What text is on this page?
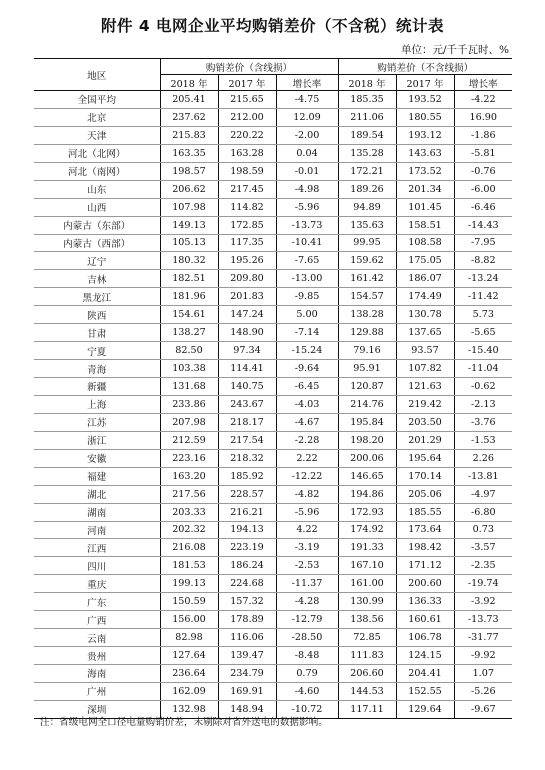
附件 4 电网企业平均购销差价（不含税）统计表
单位：元/千千瓦时、%
地区	购销差价（含线损）			购销差价（不含线损）		
	2018 年	2017 年	增长率	2018 年	2017 年	增长率
全国平均	205.41	215.65	-4.75	185.35	193.52	-4.22
北京	237.62	212.00	12.09	211.06	180.55	16.90
天津	215.83	220.22	-2.00	189.54	193.12	-1.86
河北（北网）	163.35	163.28	0.04	135.28	143.63	-5.81
河北（南网）	198.57	198.59	-0.01	172.21	173.52	-0.76
山东	206.62	217.45	-4.98	189.26	201.34	-6.00
山西	107.98	114.82	-5.96	94.89	101.45	-6.46
内蒙古（东部）	149.13	172.85	-13.73	135.63	158.51	-14.43
内蒙古（西部）	105.13	117.35	-10.41	99.95	108.58	-7.95
辽宁	180.32	195.26	-7.65	159.62	175.05	-8.82
吉林	182.51	209.80	-13.00	161.42	186.07	-13.24
黑龙江	181.96	201.83	-9.85	154.57	174.49	-11.42
陕西	154.61	147.24	5.00	138.28	130.78	5.73
甘肃	138.27	148.90	-7.14	129.88	137.65	-5.65
宁夏	82.50	97.34	-15.24	79.16	93.57	-15.40
青海	103.38	114.41	-9.64	95.91	107.82	-11.04
新疆	131.68	140.75	-6.45	120.87	121.63	-0.62
上海	233.86	243.67	-4.03	214.76	219.42	-2.13
江苏	207.98	218.17	-4.67	195.84	203.50	-3.76
浙江	212.59	217.54	-2.28	198.20	201.29	-1.53
安徽	223.16	218.32	2.22	200.06	195.64	2.26
福建	163.20	185.92	-12.22	146.65	170.14	-13.81
湖北	217.56	228.57	-4.82	194.86	205.06	-4.97
湖南	203.33	216.21	-5.96	172.93	185.55	-6.80
河南	202.32	194.13	4.22	174.92	173.64	0.73
江西	216.08	223.19	-3.19	191.33	198.42	-3.57
四川	181.53	186.24	-2.53	167.10	171.12	-2.35
重庆	199.13	224.68	-11.37	161.00	200.60	-19.74
广东	150.59	157.32	-4.28	130.99	136.33	-3.92
广西	156.00	178.89	-12.79	138.56	160.61	-13.73
云南	82.98	116.06	-28.50	72.85	106.78	-31.77
贵州	127.64	139.47	-8.48	111.83	124.15	-9.92
海南	236.64	234.79	0.79	206.60	204.41	1.07
广州	162.09	169.91	-4.60	144.53	152.55	-5.26
深圳	132.98	148.94	-10.72	117.11	129.64	-9.67
注：省级电网全口径电量购销价差，未剔除对省外送电的数据影响。
